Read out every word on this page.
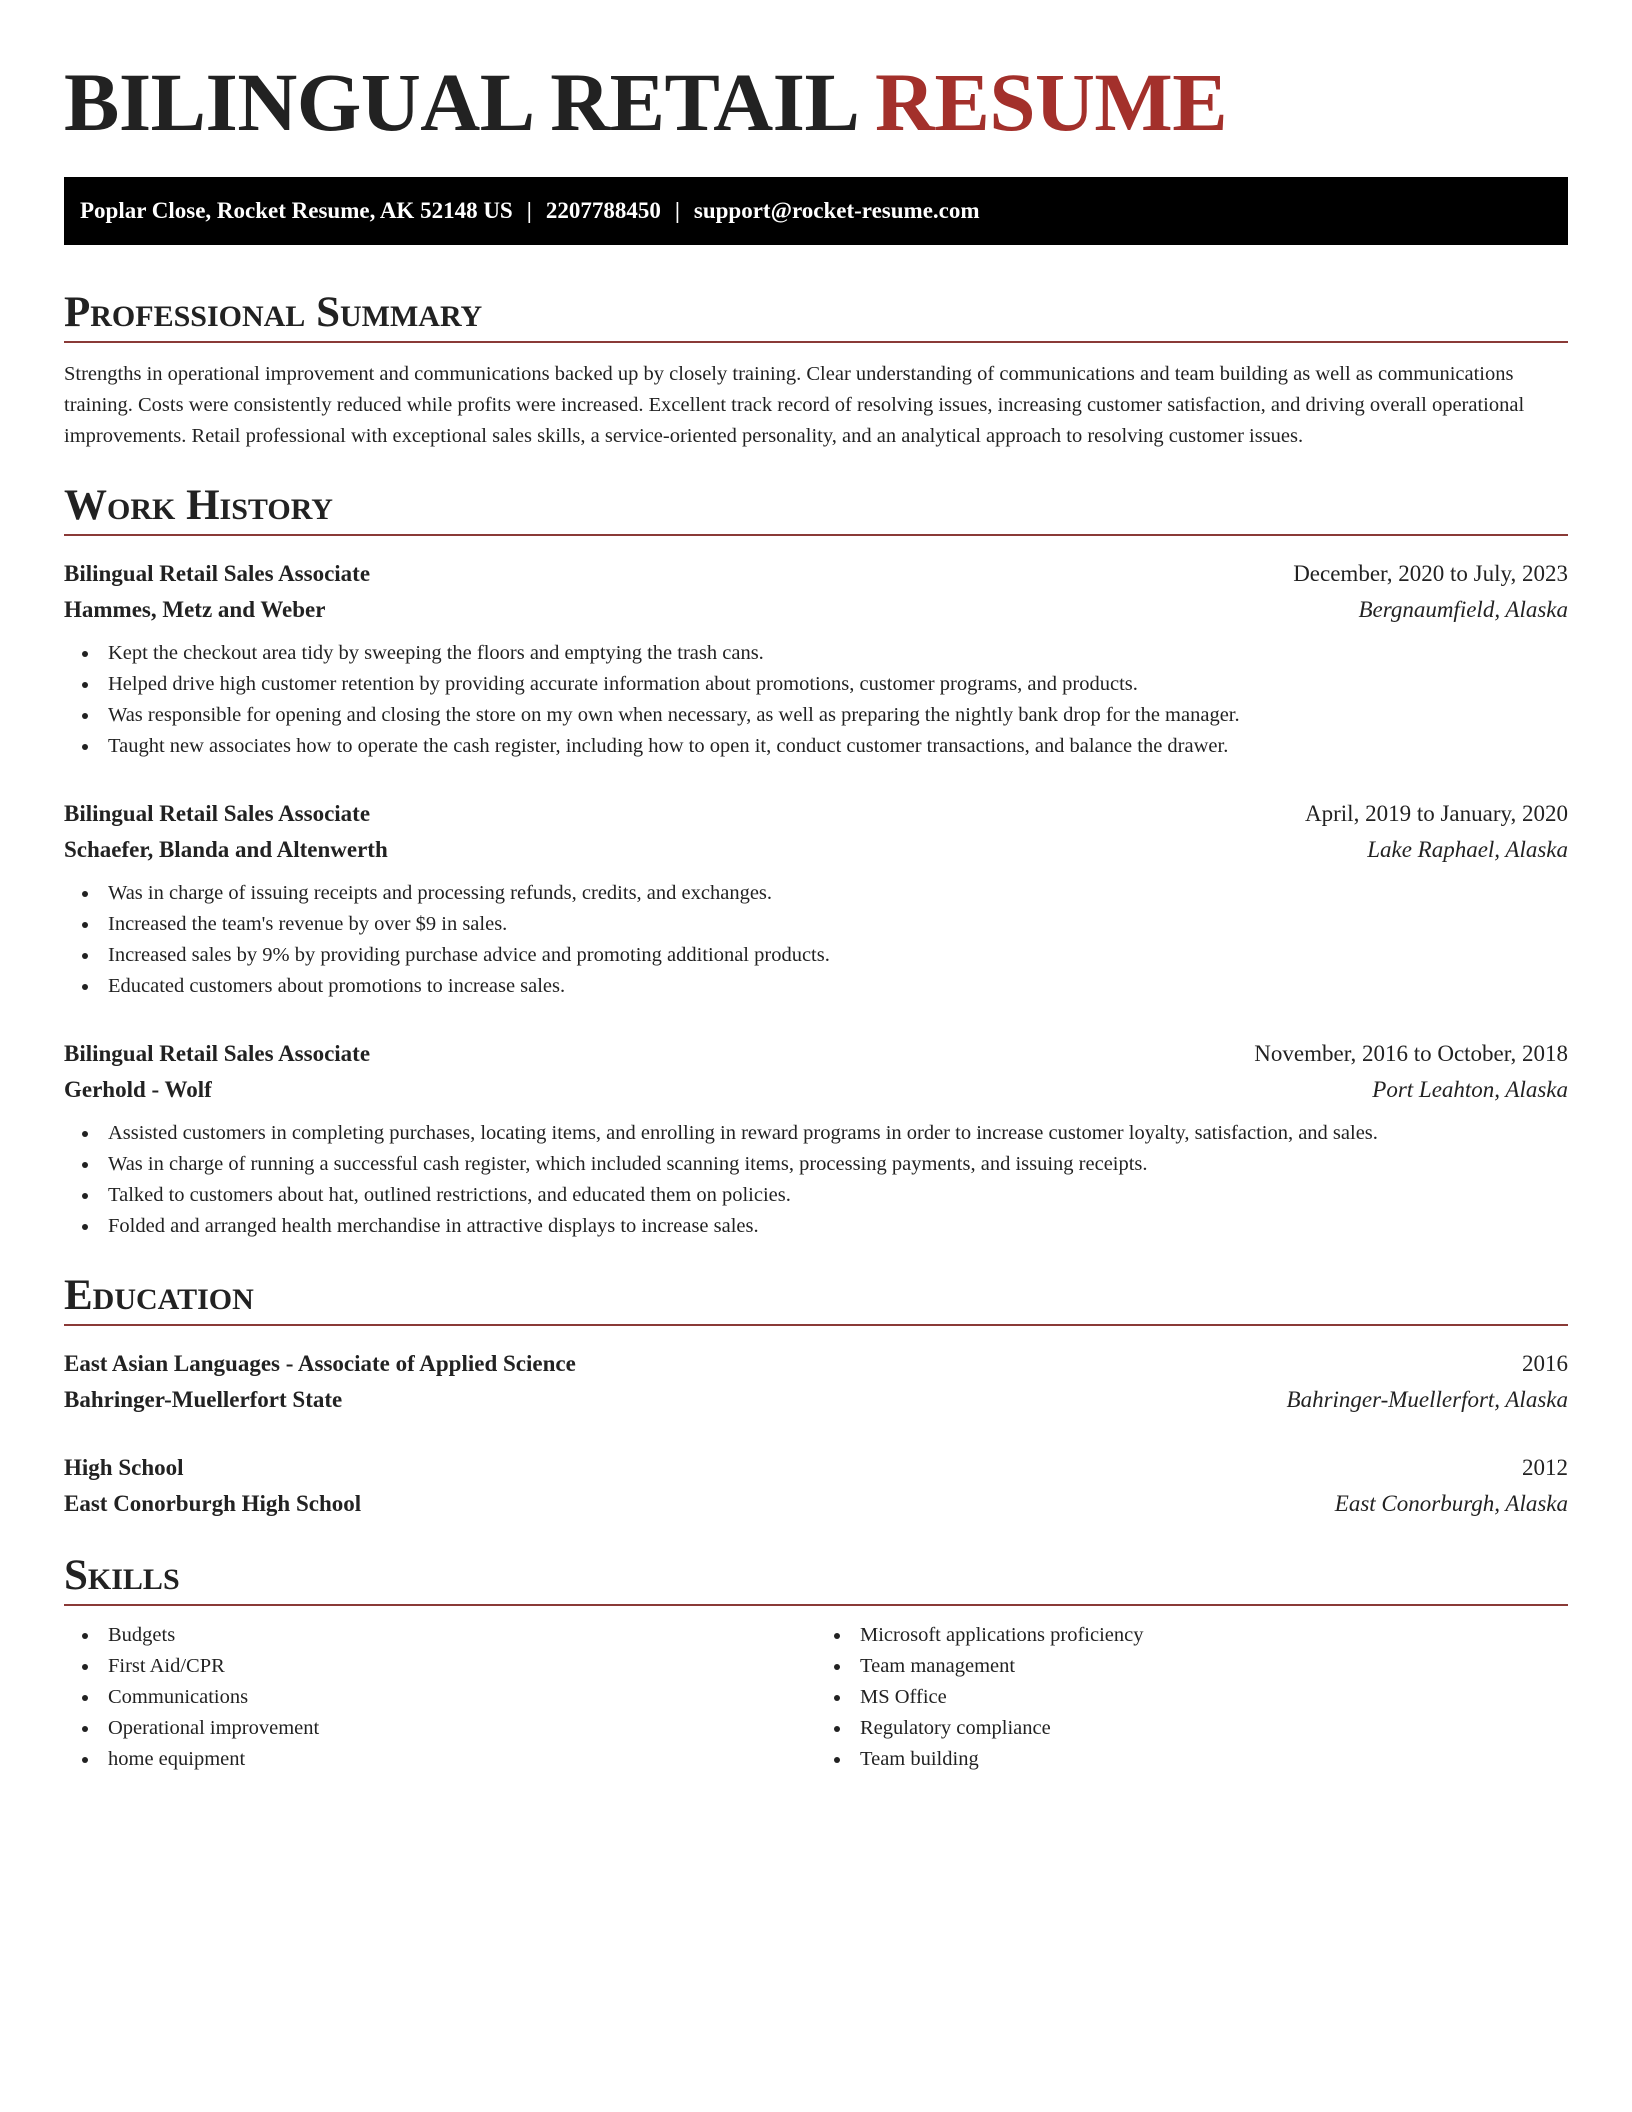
BILINGUAL RETAIL RESUME
Poplar Close, Rocket Resume, AK 52148 US | 2207788450 | support@rocket-resume.com
Professional Summary

Strengths in operational improvement and communications backed up by closely training. Clear understanding of communications and team building as well as communications training. Costs were consistently reduced while profits were increased. Excellent track record of resolving issues, increasing customer satisfaction, and driving overall operational improvements. Retail professional with exceptional sales skills, a service-oriented personality, and an analytical approach to resolving customer issues.

Work History
Bilingual Retail Sales Associate	December, 2020 to July, 2023
Hammes, Metz and Weber	Bergnaumfield, Alaska
Kept the checkout area tidy by sweeping the floors and emptying the trash cans.
Helped drive high customer retention by providing accurate information about promotions, customer programs, and products.
Was responsible for opening and closing the store on my own when necessary, as well as preparing the nightly bank drop for the manager.
Taught new associates how to operate the cash register, including how to open it, conduct customer transactions, and balance the drawer.
Bilingual Retail Sales Associate	April, 2019 to January, 2020
Schaefer, Blanda and Altenwerth	Lake Raphael, Alaska
Was in charge of issuing receipts and processing refunds, credits, and exchanges.
Increased the team's revenue by over $9 in sales.
Increased sales by 9% by providing purchase advice and promoting additional products.
Educated customers about promotions to increase sales.
Bilingual Retail Sales Associate	November, 2016 to October, 2018
Gerhold - Wolf	Port Leahton, Alaska
Assisted customers in completing purchases, locating items, and enrolling in reward programs in order to increase customer loyalty, satisfaction, and sales.
Was in charge of running a successful cash register, which included scanning items, processing payments, and issuing receipts.
Talked to customers about hat, outlined restrictions, and educated them on policies.
Folded and arranged health merchandise in attractive displays to increase sales.
Education
East Asian Languages - Associate of Applied Science	2016
Bahringer-Muellerfort State	Bahringer-Muellerfort, Alaska
High School	2012
East Conorburgh High School	East Conorburgh, Alaska
Skills
Budgets
First Aid/CPR
Communications
Operational improvement
home equipment
Microsoft applications proficiency
Team management
MS Office
Regulatory compliance
Team building
